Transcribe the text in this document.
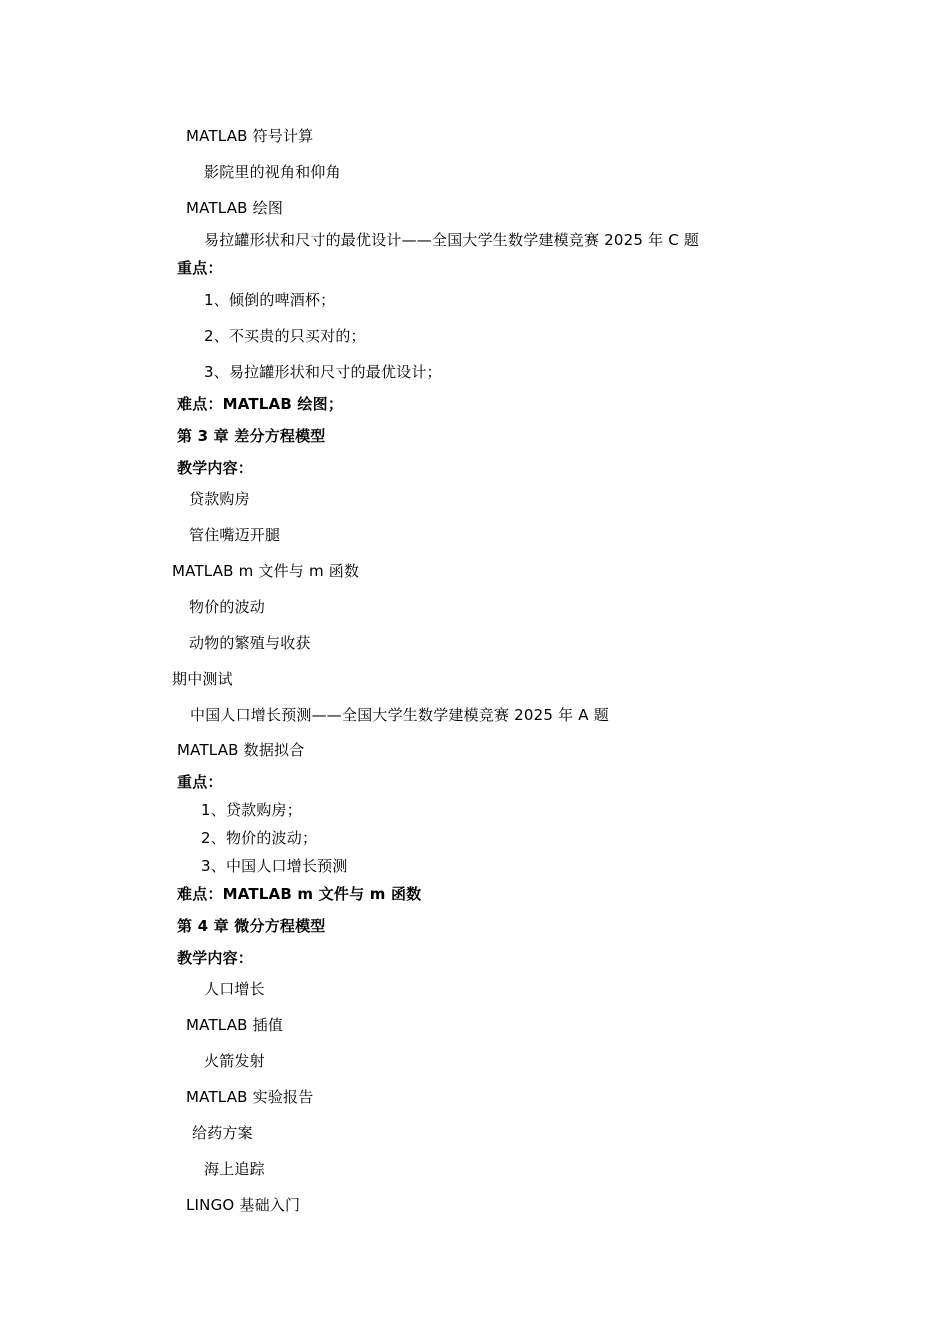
MATLAB 符号计算
影院里的视角和仰角
MATLAB 绘图
易拉罐形状和尺寸的最优设计——全国大学生数学建模竞赛 2025 年 C 题
重点：
1、倾倒的啤酒杯；
2、不买贵的只买对的；
3、易拉罐形状和尺寸的最优设计；
难点：MATLAB 绘图；
第 3 章 差分方程模型
教学内容：
贷款购房
管住嘴迈开腿
MATLAB m 文件与 m 函数
物价的波动
动物的繁殖与收获
期中测试
中国人口增长预测——全国大学生数学建模竞赛 2025 年 A 题
MATLAB 数据拟合
重点：
1、贷款购房；
2、物价的波动；
3、中国人口增长预测
难点：MATLAB m 文件与 m 函数
第 4 章 微分方程模型
教学内容：
人口增长
MATLAB 插值
火箭发射
MATLAB 实验报告
给药方案
海上追踪
LINGO 基础入门
